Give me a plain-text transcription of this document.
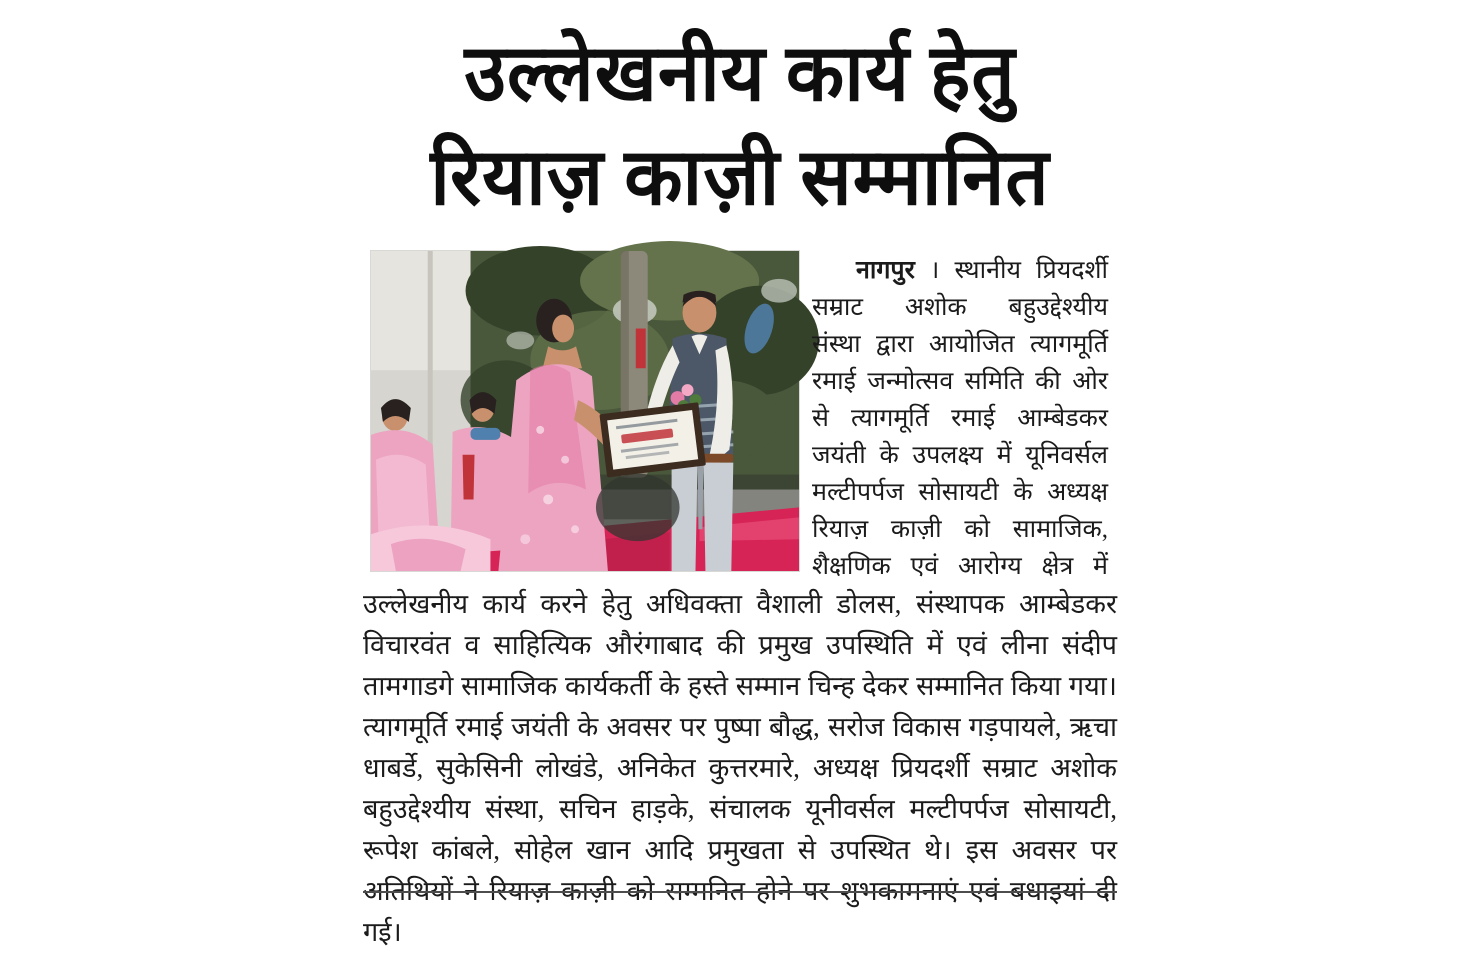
उल्लेखनीय कार्य हेतु
रियाज़ काज़ी सम्मानित
नागपुर । स्थानीय प्रियदर्शी
सम्राट अशोक बहुउद्देश्यीय
संस्था द्वारा आयोजित त्यागमूर्ति
रमाई जन्मोत्सव समिति की ओर
से त्यागमूर्ति रमाई आम्बेडकर
जयंती के उपलक्ष्य में यूनिवर्सल
मल्टीपर्पज सोसायटी के अध्यक्ष
रियाज़ काज़ी को सामाजिक,
शैक्षणिक एवं आरोग्य क्षेत्र में
उल्लेखनीय कार्य करने हेतु अधिवक्ता वैशाली डोलस, संस्थापक आम्बेडकर
विचारवंत व साहित्यिक औरंगाबाद की प्रमुख उपस्थिति में एवं लीना संदीप
तामगाडगे सामाजिक कार्यकर्ती के हस्ते सम्मान चिन्ह देकर सम्मानित किया गया।
त्यागमूर्ति रमाई जयंती के अवसर पर पुष्पा बौद्ध, सरोज विकास गड़पायले, ऋचा
धाबर्डे, सुकेसिनी लोखंडे, अनिकेत कुत्तरमारे, अध्यक्ष प्रियदर्शी सम्राट अशोक
बहुउद्देश्यीय संस्था, सचिन हाड़के, संचालक यूनीवर्सल मल्टीपर्पज सोसायटी,
रूपेश कांबले, सोहेल खान आदि प्रमुखता से उपस्थित थे। इस अवसर पर
अतिथियों ने रियाज़ काज़ी को सम्मनित होने पर शुभकामनाएं एवं बधाइयां दी गई।
